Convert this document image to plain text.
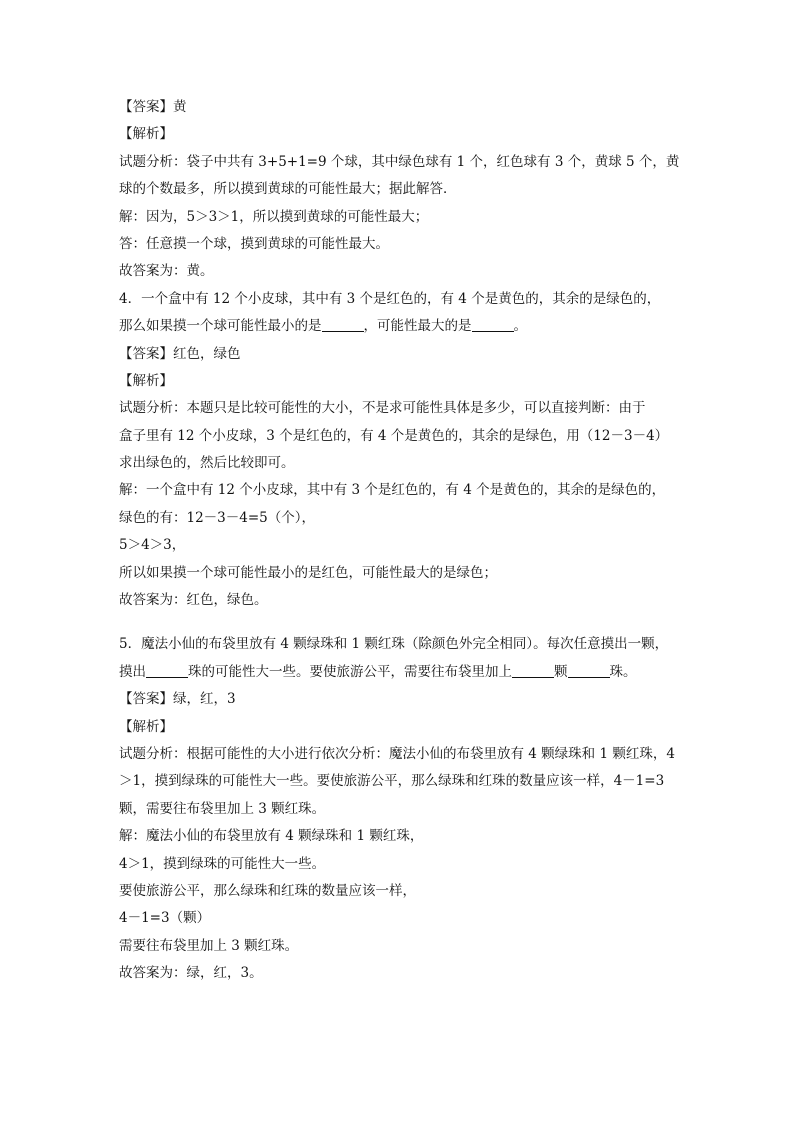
【答案】黄
【解析】
试题分析：袋子中共有 3+5+1=9 个球，其中绿色球有 1 个，红色球有 3 个，黄球 5 个，黄
球的个数最多，所以摸到黄球的可能性最大；据此解答．
解：因为，5＞3＞1，所以摸到黄球的可能性最大；
答：任意摸一个球，摸到黄球的可能性最大。
故答案为：黄。
4．一个盒中有 12 个小皮球，其中有 3 个是红色的，有 4 个是黄色的，其余的是绿色的，
那么如果摸一个球可能性最小的是	，可能性最大的是	。
【答案】红色，绿色
【解析】
试题分析：本题只是比较可能性的大小，不是求可能性具体是多少，可以直接判断：由于
盒子里有 12 个小皮球，3 个是红色的，有 4 个是黄色的，其余的是绿色，用（12－3－4）
求出绿色的，然后比较即可。
解：一个盒中有 12 个小皮球，其中有 3 个是红色的，有 4 个是黄色的，其余的是绿色的，
绿色的有：12－3－4=5（个），
5＞4＞3，
所以如果摸一个球可能性最小的是红色，可能性最大的是绿色；
故答案为：红色，绿色。
5．魔法小仙的布袋里放有 4 颗绿珠和 1 颗红珠（除颜色外完全相同）。每次任意摸出一颗，
摸出	珠的可能性大一些。要使旅游公平，需要往布袋里加上	颗	珠。
【答案】绿，红，3
【解析】
试题分析：根据可能性的大小进行依次分析：魔法小仙的布袋里放有 4 颗绿珠和 1 颗红珠，4
＞1，摸到绿珠的可能性大一些。要使旅游公平，那么绿珠和红珠的数量应该一样，4－1=3
颗，需要往布袋里加上 3 颗红珠。
解：魔法小仙的布袋里放有 4 颗绿珠和 1 颗红珠，
4＞1，摸到绿珠的可能性大一些。
要使旅游公平，那么绿珠和红珠的数量应该一样，
4－1=3（颗）
需要往布袋里加上 3 颗红珠。
故答案为：绿，红，3。
